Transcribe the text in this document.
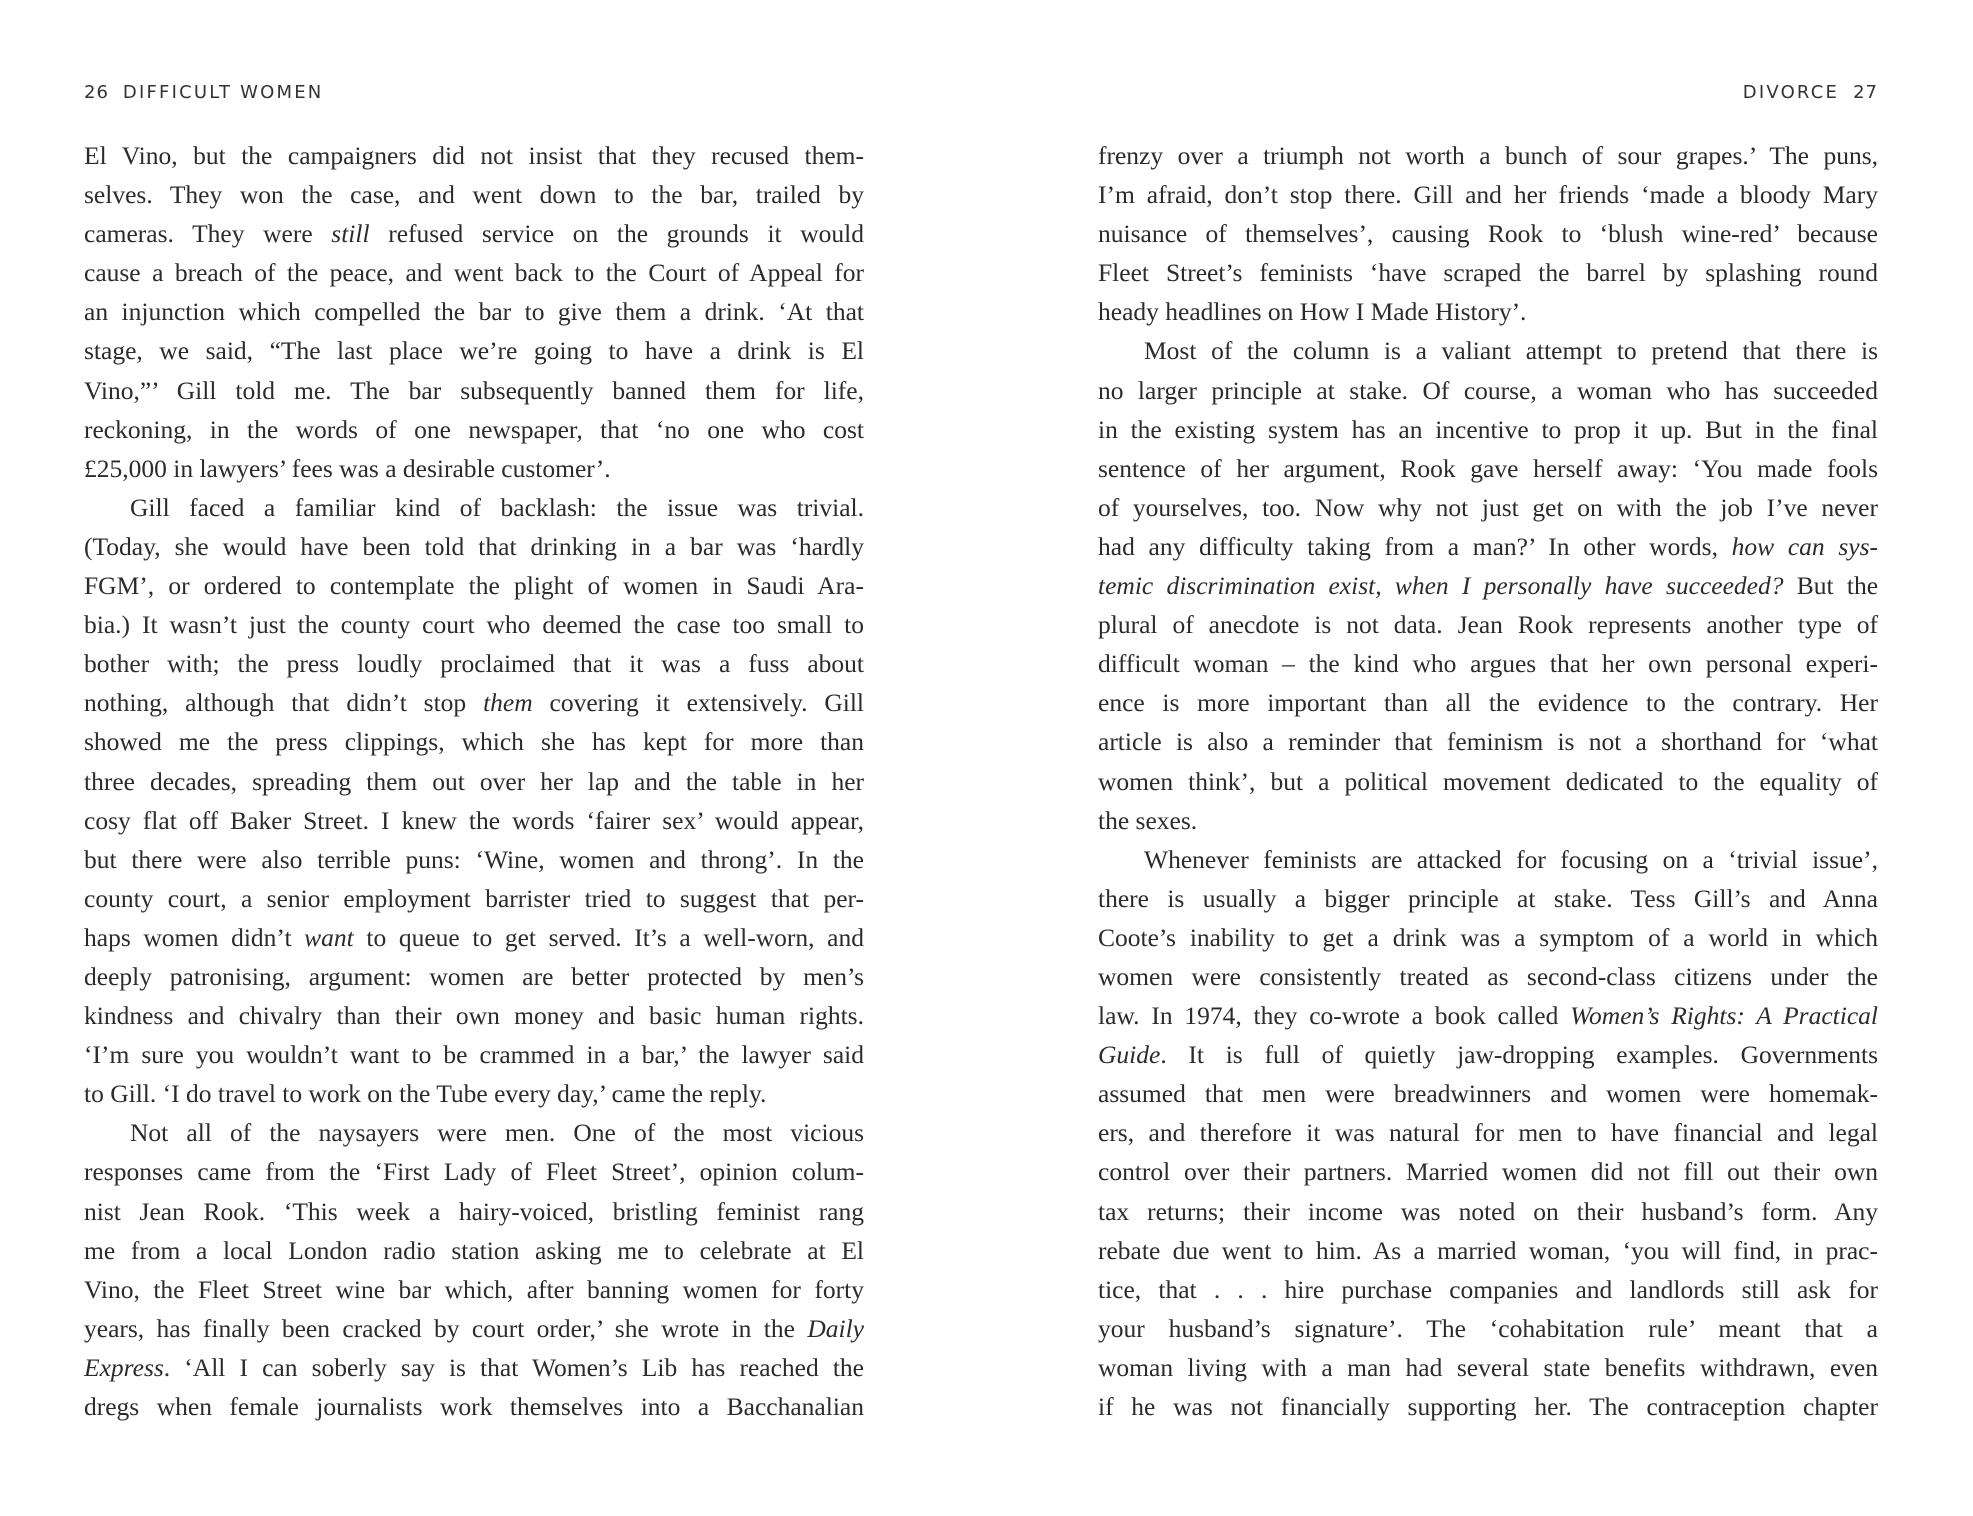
26 DIFFICULT WOMEN
El Vino, but the campaigners did not insist that they recused them-
selves. They won the case, and went down to the bar, trailed by
cameras. They were still refused service on the grounds it would
cause a breach of the peace, and went back to the Court of Appeal for
an injunction which compelled the bar to give them a drink. ‘At that
stage, we said, “The last place we’re going to have a drink is El
Vino,”’ Gill told me. The bar subsequently banned them for life,
reckoning, in the words of one newspaper, that ‘no one who cost
£25,000 in lawyers’ fees was a desirable customer’.
Gill faced a familiar kind of backlash: the issue was trivial.
(Today, she would have been told that drinking in a bar was ‘hardly
FGM’, or ordered to contemplate the plight of women in Saudi Ara-
bia.) It wasn’t just the county court who deemed the case too small to
bother with; the press loudly proclaimed that it was a fuss about
nothing, although that didn’t stop them covering it extensively. Gill
showed me the press clippings, which she has kept for more than
three decades, spreading them out over her lap and the table in her
cosy flat off Baker Street. I knew the words ‘fairer sex’ would appear,
but there were also terrible puns: ‘Wine, women and throng’. In the
county court, a senior employment barrister tried to suggest that per-
haps women didn’t want to queue to get served. It’s a well-worn, and
deeply patronising, argument: women are better protected by men’s
kindness and chivalry than their own money and basic human rights.
‘I’m sure you wouldn’t want to be crammed in a bar,’ the lawyer said
to Gill. ‘I do travel to work on the Tube every day,’ came the reply.
Not all of the naysayers were men. One of the most vicious
responses came from the ‘First Lady of Fleet Street’, opinion colum-
nist Jean Rook. ‘This week a hairy-voiced, bristling feminist rang
me from a local London radio station asking me to celebrate at El
Vino, the Fleet Street wine bar which, after banning women for forty
years, has finally been cracked by court order,’ she wrote in the Daily
Express. ‘All I can soberly say is that Women’s Lib has reached the
dregs when female journalists work themselves into a Bacchanalian
DIVORCE 27
frenzy over a triumph not worth a bunch of sour grapes.’ The puns,
I’m afraid, don’t stop there. Gill and her friends ‘made a bloody Mary
nuisance of themselves’, causing Rook to ‘blush wine-red’ because
Fleet Street’s feminists ‘have scraped the barrel by splashing round
heady headlines on How I Made History’.
Most of the column is a valiant attempt to pretend that there is
no larger principle at stake. Of course, a woman who has succeeded
in the existing system has an incentive to prop it up. But in the final
sentence of her argument, Rook gave herself away: ‘You made fools
of yourselves, too. Now why not just get on with the job I’ve never
had any difficulty taking from a man?’ In other words, how can sys-
temic discrimination exist, when I personally have succeeded? But the
plural of anecdote is not data. Jean Rook represents another type of
difficult woman – the kind who argues that her own personal experi-
ence is more important than all the evidence to the contrary. Her
article is also a reminder that feminism is not a shorthand for ‘what
women think’, but a political movement dedicated to the equality of
the sexes.
Whenever feminists are attacked for focusing on a ‘trivial issue’,
there is usually a bigger principle at stake. Tess Gill’s and Anna
Coote’s inability to get a drink was a symptom of a world in which
women were consistently treated as second-class citizens under the
law. In 1974, they co-wrote a book called Women’s Rights: A Practical
Guide. It is full of quietly jaw-dropping examples. Governments
assumed that men were breadwinners and women were homemak-
ers, and therefore it was natural for men to have financial and legal
control over their partners. Married women did not fill out their own
tax returns; their income was noted on their husband’s form. Any
rebate due went to him. As a married woman, ‘you will find, in prac-
tice, that . . . hire purchase companies and landlords still ask for
your husband’s signature’. The ‘cohabitation rule’ meant that a
woman living with a man had several state benefits withdrawn, even
if he was not financially supporting her. The contraception chapter
